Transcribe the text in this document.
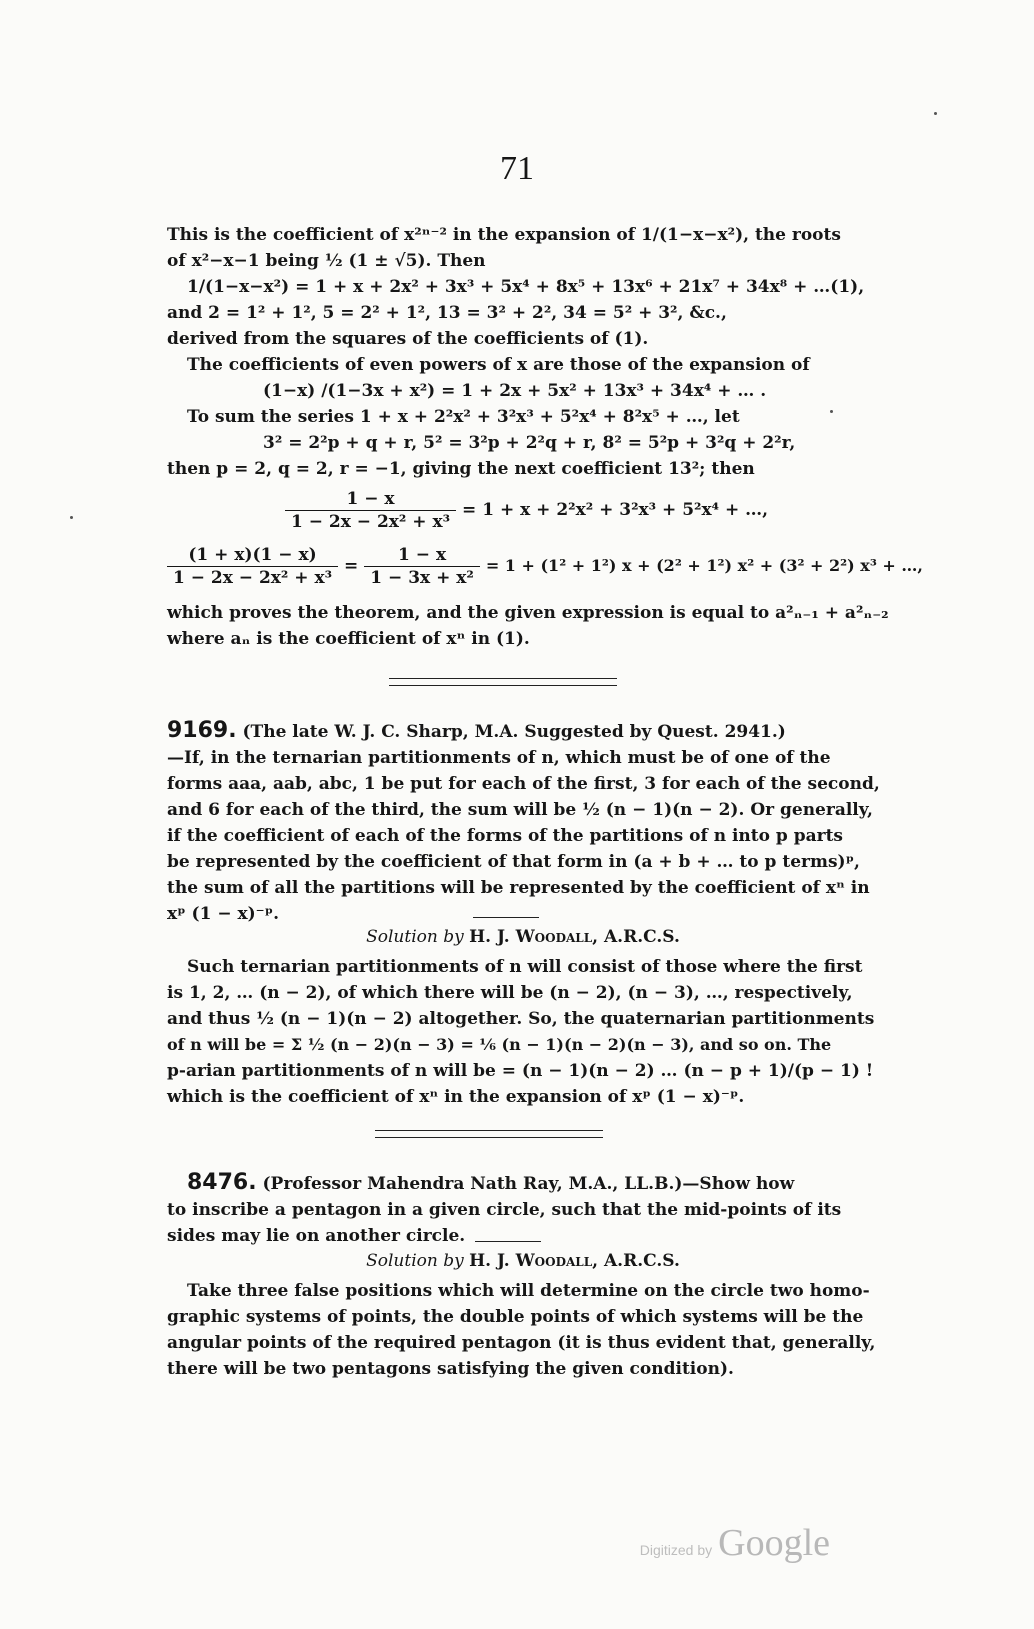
71
This is the coefficient of x²ⁿ⁻² in the expansion of 1/(1−x−x²), the roots
of x²−x−1 being ½ (1 ± √5). Then
1/(1−x−x²) = 1 + x + 2x² + 3x³ + 5x⁴ + 8x⁵ + 13x⁶ + 21x⁷ + 34x⁸ + …(1),
and 2 = 1² + 1², 5 = 2² + 1², 13 = 3² + 2², 34 = 5² + 3², &c.,
derived from the squares of the coefficients of (1).
The coefficients of even powers of x are those of the expansion of
(1−x) /(1−3x + x²) = 1 + 2x + 5x² + 13x³ + 34x⁴ + … .
To sum the series 1 + x + 2²x² + 3²x³ + 5²x⁴ + 8²x⁵ + …, let
3² = 2²p + q + r, 5² = 3²p + 2²q + r, 8² = 5²p + 3²q + 2²r,
then p = 2, q = 2, r = −1, giving the next coefficient 13²; then
$\frac{1 - x}{\text{1 − 2x − 2x² + x³}} = 1 + x + 2^2x^2 + 3^2x^3 + 5^2x^4$ + …,
$\frac{(1 + x)(1 - x)}{\text{1 − 2x − 2x² + x³}} = \frac{1 - x}{\text{1 − 3x + x²}} = 1 + (1^2 + 1^2) x + (2^2 + 1^2) x^2 + (3^2 + 2^2) x^3$ + …,
which proves the theorem, and the given expression is equal to a²ₙ₋₁ + a²ₙ₋₂
where aₙ is the coefficient of xⁿ in (1).
9169. (The late W. J. C. Sharp, M.A. Suggested by Quest. 2941.)
—If, in the ternarian partitionments of n, which must be of one of the
forms aaa, aab, abc, 1 be put for each of the first, 3 for each of the second,
and 6 for each of the third, the sum will be ½ (n − 1)(n − 2). Or generally,
if the coefficient of each of the forms of the partitions of n into p parts
be represented by the coefficient of that form in (a + b + … to p terms)ᵖ,
the sum of all the partitions will be represented by the coefficient of xⁿ in
xᵖ (1 − x)⁻ᵖ.
Solution by H. J. Woodall, A.R.C.S.
Such ternarian partitionments of n will consist of those where the first
is 1, 2, … (n − 2), of which there will be (n − 2), (n − 3), …, respectively,
and thus ½ (n − 1)(n − 2) altogether. So, the quaternarian partitionments
of n will be = Σ ½ (n − 2)(n − 3) = ⅙ (n − 1)(n − 2)(n − 3), and so on. The
p-arian partitionments of n will be = (n − 1)(n − 2) … (n − p + 1)/(p − 1) !
which is the coefficient of xⁿ in the expansion of xᵖ (1 − x)⁻ᵖ.
8476. (Professor Mahendra Nath Ray, M.A., LL.B.)—Show how
to inscribe a pentagon in a given circle, such that the mid-points of its
sides may lie on another circle.
Solution by H. J. Woodall, A.R.C.S.
Take three false positions which will determine on the circle two homo-
graphic systems of points, the double points of which systems will be the
angular points of the required pentagon (it is thus evident that, generally,
there will be two pentagons satisfying the given condition).
Digitized by Google
